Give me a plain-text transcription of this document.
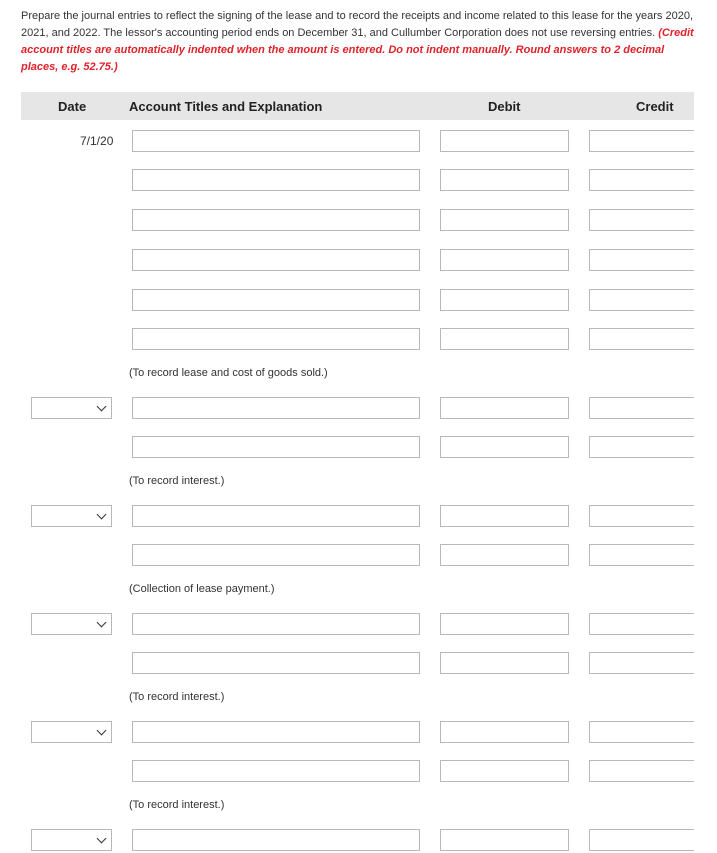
Prepare the journal entries to reflect the signing of the lease and to record the receipts and income related to this lease for the years 2020, 2021, and 2022. The lessor's accounting period ends on December 31, and Cullumber Corporation does not use reversing entries. (Credit account titles are automatically indented when the amount is entered. Do not indent manually. Round answers to 2 decimal places, e.g. 52.75.)
Date	Account Titles and Explanation	Debit	Credit
7/1/20
(To record lease and cost of goods sold.)
(To record interest.)
(Collection of lease payment.)
(To record interest.)
(To record interest.)
